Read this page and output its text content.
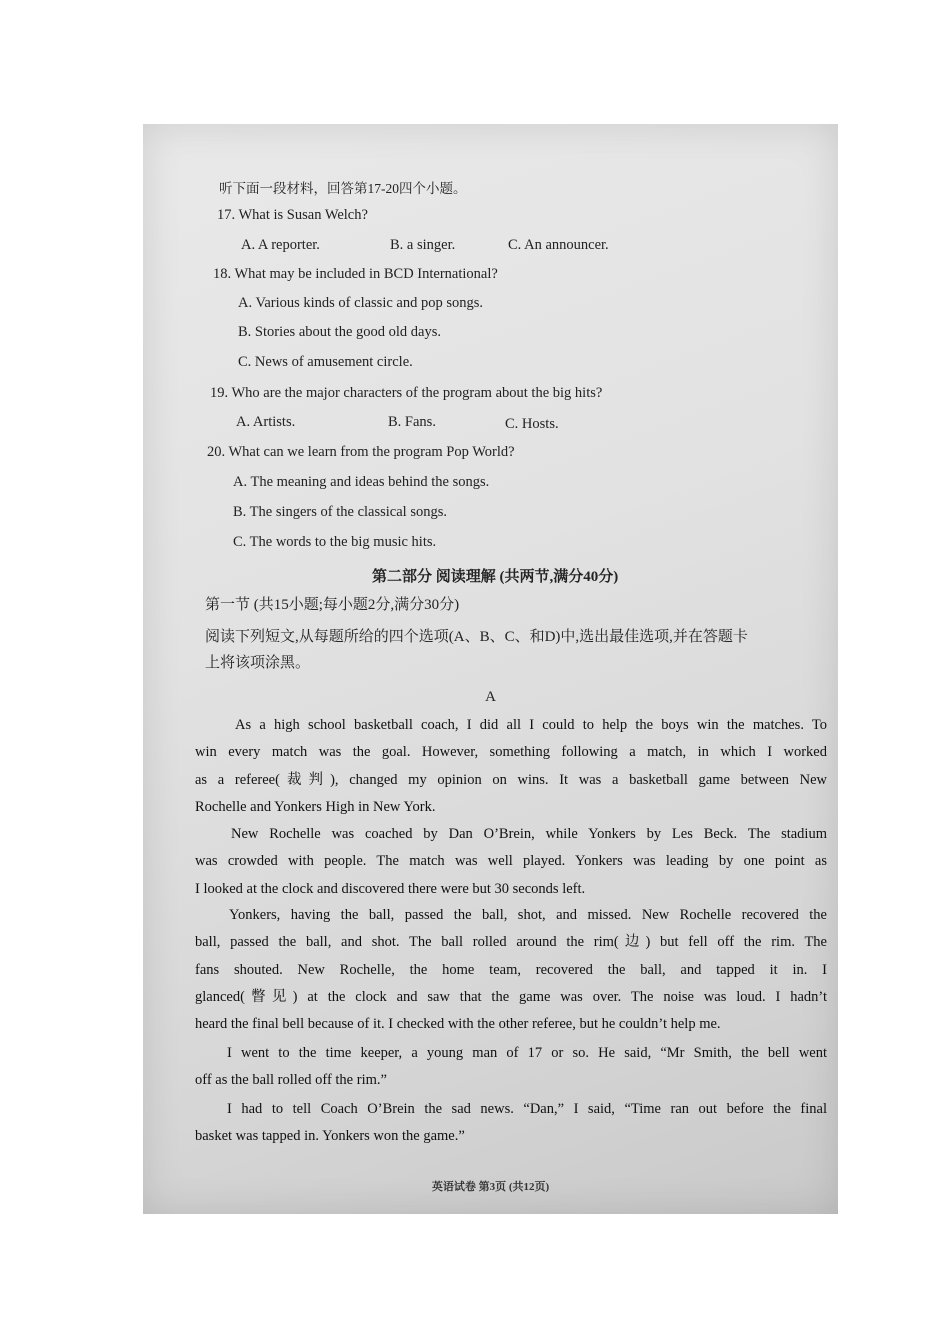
听下面一段材料，回答第17-20四个小题。
17. What is Susan Welch?
A. A reporter.	B. a singer.	C. An announcer.
18. What may be included in BCD International?
A. Various kinds of classic and pop songs.
B. Stories about the good old days.
C. News of amusement circle.
19. Who are the major characters of the program about the big hits?
A. Artists.	B. Fans.	C. Hosts.
20. What can we learn from the program Pop World?
A. The meaning and ideas behind the songs.
B. The singers of the classical songs.
C. The words to the big music hits.
第二部分 阅读理解 (共两节,满分40分)
第一节 (共15小题;每小题2分,满分30分)
阅读下列短文,从每题所给的四个选项(A、B、C、和D)中,选出最佳选项,并在答题卡
上将该项涂黑。
A
As a high school basketball coach, I did all I could to help the boys win the matches. To
win every match was the goal. However, something following a match, in which I worked
as a referee(裁判), changed my opinion on wins. It was a basketball game between New
Rochelle and Yonkers High in New York.
New Rochelle was coached by Dan O’Brein, while Yonkers by Les Beck. The stadium
was crowded with people. The match was well played. Yonkers was leading by one point as
I looked at the clock and discovered there were but 30 seconds left.
Yonkers, having the ball, passed the ball, shot, and missed. New Rochelle recovered the
ball, passed the ball, and shot. The ball rolled around the rim(边) but fell off the rim. The
fans shouted. New Rochelle, the home team, recovered the ball, and tapped it in. I
glanced(瞥见) at the clock and saw that the game was over. The noise was loud. I hadn’t
heard the final bell because of it. I checked with the other referee, but he couldn’t help me.
I went to the time keeper, a young man of 17 or so. He said, “Mr Smith, the bell went
off as the ball rolled off the rim.”
I had to tell Coach O’Brein the sad news. “Dan,” I said, “Time ran out before the final
basket was tapped in. Yonkers won the game.”
英语试卷 第3页 (共12页)
